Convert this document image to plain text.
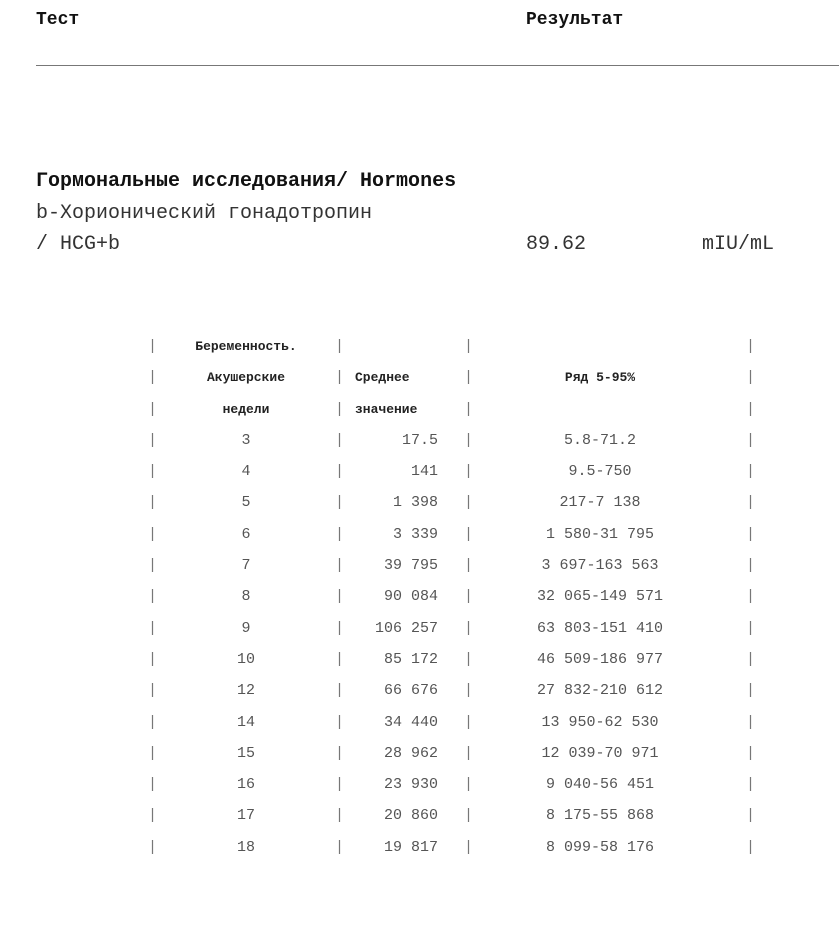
Тест	Результат
Гормональные исследования/ Hormones
b-Хорионический гонадотропин
/ HCG+b	89.62	mIU/mL
|	|	|	|
Беременность.
|	|	|	|
Акушерские	Среднее	Ряд 5-95%
|	|	|	|
недели	значение
|	|	|	|
3	17.5	5.8-71.2
|	|	|	|
4	141	9.5-750
|	|	|	|
5	1 398	217-7 138
|	|	|	|
6	3 339	1 580-31 795
|	|	|	|
7	39 795	3 697-163 563
|	|	|	|
8	90 084	32 065-149 571
|	|	|	|
9	106 257	63 803-151 410
|	|	|	|
10	85 172	46 509-186 977
|	|	|	|
12	66 676	27 832-210 612
|	|	|	|
14	34 440	13 950-62 530
|	|	|	|
15	28 962	12 039-70 971
|	|	|	|
16	23 930	9 040-56 451
|	|	|	|
17	20 860	8 175-55 868
|	|	|	|
18	19 817	8 099-58 176
